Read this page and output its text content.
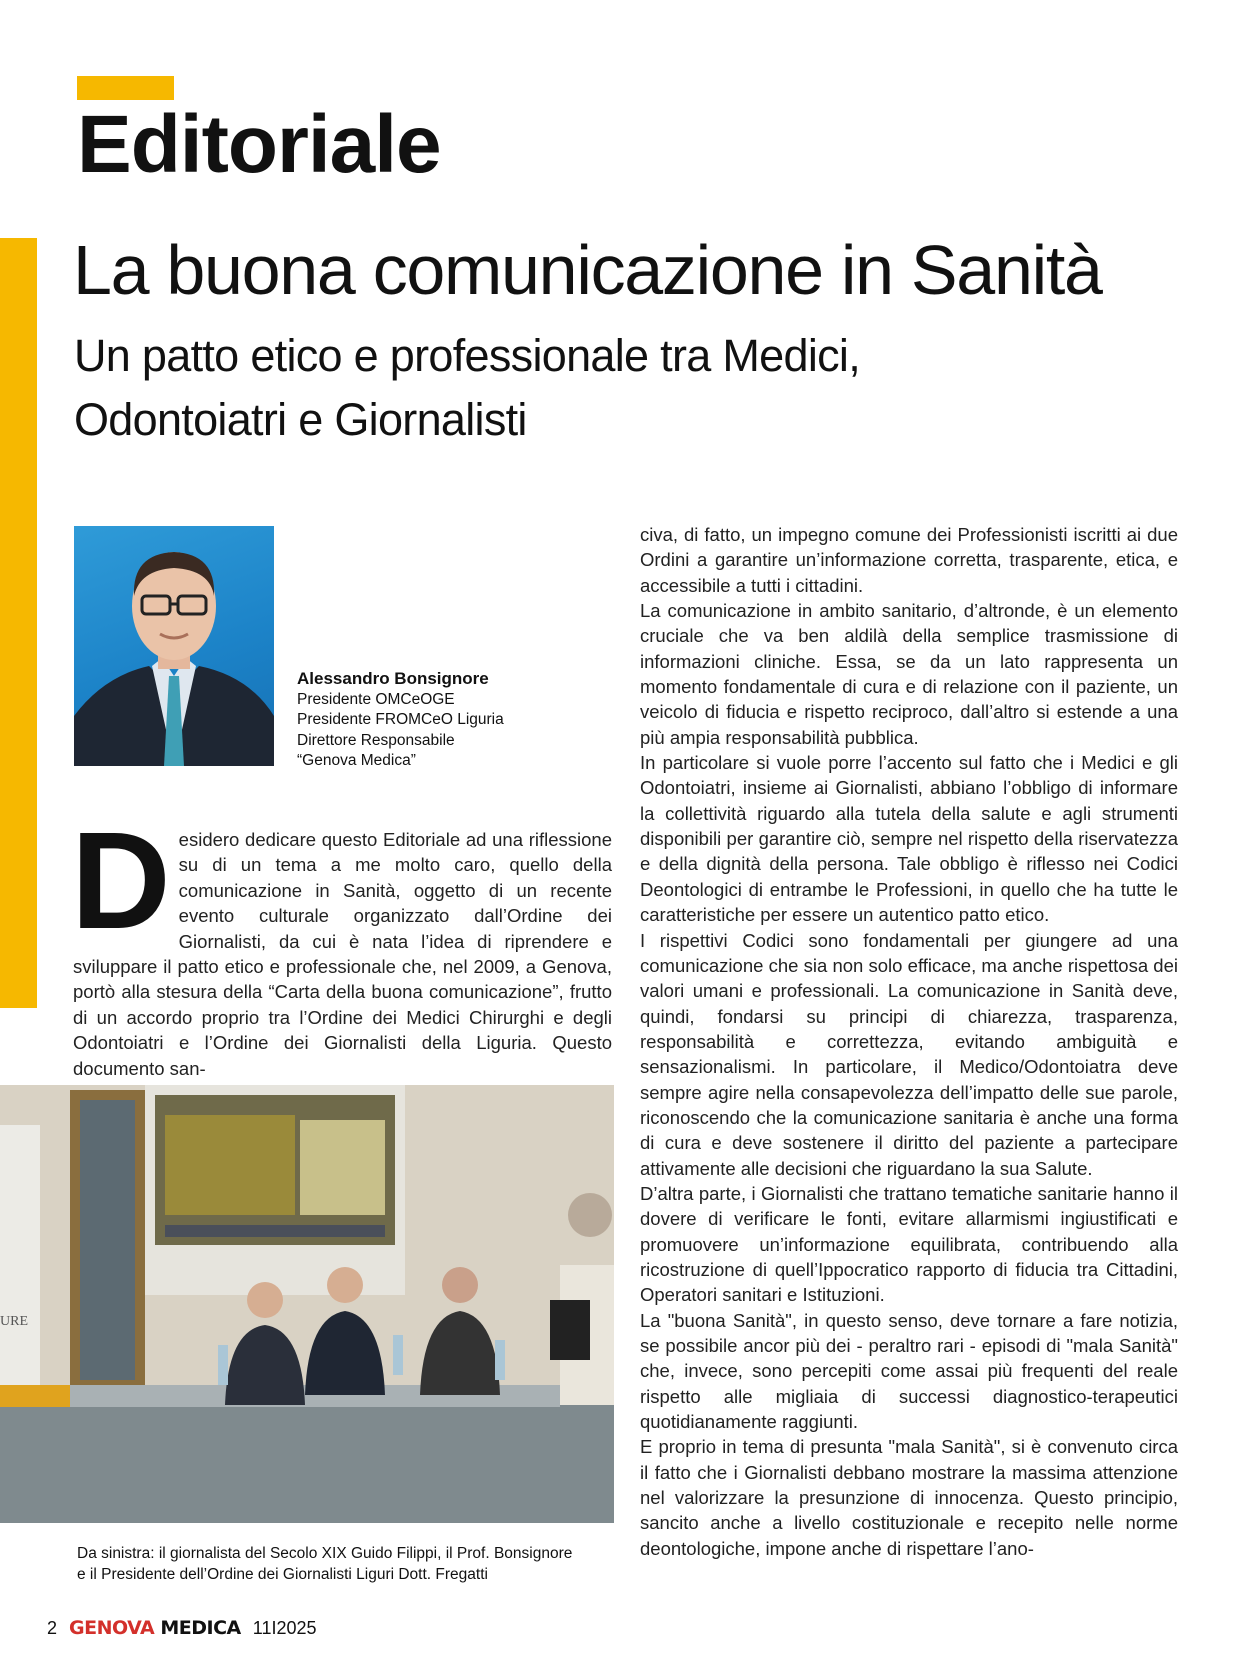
Editoriale
La buona comunicazione in Sanità
Un patto etico e professionale tra Medici,
Odontoiatri e Giornalisti
Alessandro Bonsignore
Presidente OMCeOGE
Presidente FROMCeO Liguria
Direttore Responsabile
“Genova Medica”
D esidero dedicare questo Editoriale ad una riflessione su di un tema a me molto caro, quello della comunicazione in Sanità, oggetto di un recente evento culturale organizzato dall’Ordine dei Giornalisti, da cui è nata l’idea di riprendere e sviluppare il patto etico e professionale che, nel 2009, a Genova, portò alla stesura della “Carta della buona comunicazione”, frutto di un accordo proprio tra l’Ordine dei Medici Chirurghi e degli Odontoiatri e l’Ordine dei Giornalisti della Liguria. Questo documento san-

URE
Da sinistra: il giornalista del Secolo XIX Guido Filippi, il Prof. Bonsignore
e il Presidente dell’Ordine dei Giornalisti Liguri Dott. Fregatti

civa, di fatto, un impegno comune dei Professionisti iscritti ai due Ordini a garantire un’informazione corretta, trasparente, etica, e accessibile a tutti i cittadini.

La comunicazione in ambito sanitario, d’altronde, è un elemento cruciale che va ben aldilà della semplice trasmissione di informazioni cliniche. Essa, se da un lato rappresenta un momento fondamentale di cura e di relazione con il paziente, un veicolo di fiducia e rispetto reciproco, dall’altro si estende a una più ampia responsabilità pubblica.

In particolare si vuole porre l’accento sul fatto che i Medici e gli Odontoiatri, insieme ai Giornalisti, abbiano l’obbligo di informare la collettività riguardo alla tutela della salute e agli strumenti disponibili per garantire ciò, sempre nel rispetto della riservatezza e della dignità della persona. Tale obbligo è riflesso nei Codici Deontologici di entrambe le Professioni, in quello che ha tutte le caratteristiche per essere un autentico patto etico.

I rispettivi Codici sono fondamentali per giungere ad una comunicazione che sia non solo efficace, ma anche rispettosa dei valori umani e professionali. La comunicazione in Sanità deve, quindi, fondarsi su principi di chiarezza, trasparenza, responsabilità e correttezza, evitando ambiguità e sensazionalismi. In particolare, il Medico/Odontoiatra deve sempre agire nella consapevolezza dell’impatto delle sue parole, riconoscendo che la comunicazione sanitaria è anche una forma di cura e deve sostenere il diritto del paziente a partecipare attivamente alle decisioni che riguardano la sua Salute.

D’altra parte, i Giornalisti che trattano tematiche sanitarie hanno il dovere di verificare le fonti, evitare allarmismi ingiustificati e promuovere un’informazione equilibrata, contribuendo alla ricostruzione di quell’Ippocratico rapporto di fiducia tra Cittadini, Operatori sanitari e Istituzioni.

La "buona Sanità", in questo senso, deve tornare a fare notizia, se possibile ancor più dei - peraltro rari - episodi di "mala Sanità" che, invece, sono percepiti come assai più frequenti del reale rispetto alle migliaia di successi diagnostico-terapeutici quotidianamente raggiunti.

E proprio in tema di presunta "mala Sanità", si è convenuto circa il fatto che i Giornalisti debbano mostrare la massima attenzione nel valorizzare la presunzione di innocenza. Questo principio, sancito anche a livello costituzionale e recepito nelle norme deontologiche, impone anche di rispettare l’ano-

2 GENOVA MEDICA 11I2025
